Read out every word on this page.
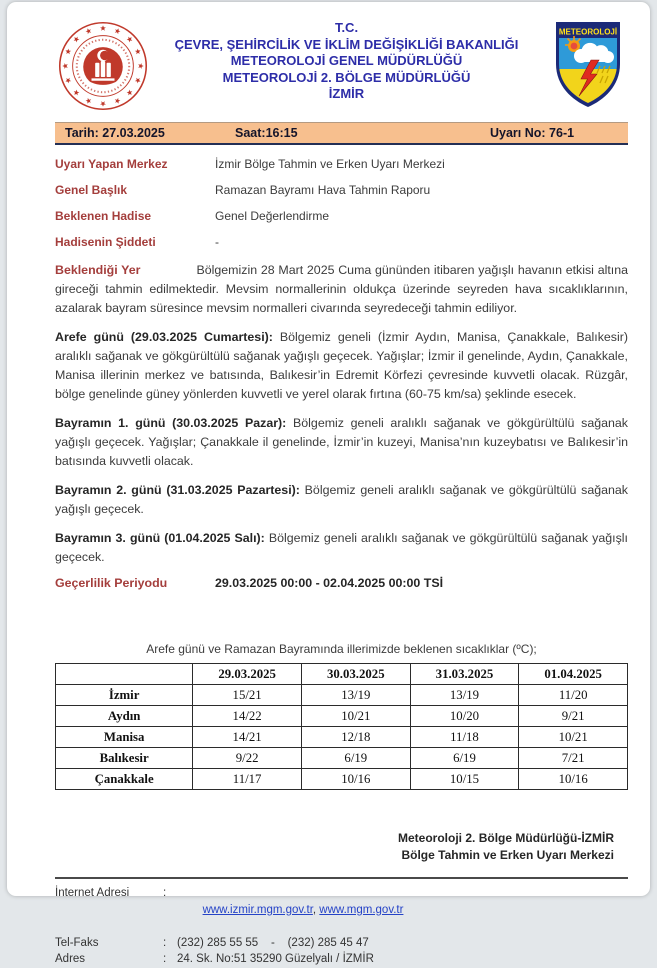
T.C.
ÇEVRE, ŞEHİRCİLİK VE İKLİM DEĞİŞİKLİĞİ BAKANLIĞI
METEOROLOJİ GENEL MÜDÜRLÜĞÜ
METEOROLOJİ 2. BÖLGE MÜDÜRLÜĞÜ
İZMİR
METEOROLOJİ
Tarih: 27.03.2025	Saat:16:15	Uyarı No: 76-1
Uyarı Yapan Merkez	İzmir Bölge Tahmin ve Erken Uyarı Merkezi
Genel Başlık	Ramazan Bayramı Hava Tahmin Raporu
Beklenen Hadise	Genel Değerlendirme
Hadisenin Şiddeti	-

Beklendiği Yer	Bölgemizin 28 Mart 2025 Cuma gününden itibaren yağışlı havanın etkisi altına gireceği tahmin edilmektedir. Mevsim normallerinin oldukça üzerinde seyreden hava sıcaklıklarının, azalarak bayram süresince mevsim normalleri civarında seyredeceği tahmin ediliyor.

Arefe günü (29.03.2025 Cumartesi): Bölgemiz geneli (İzmir Aydın, Manisa, Çanakkale, Balıkesir) aralıklı sağanak ve gökgürültülü sağanak yağışlı geçecek. Yağışlar; İzmir il genelinde, Aydın, Çanakkale, Manisa illerinin merkez ve batısında, Balıkesir’in Edremit Körfezi çevresinde kuvvetli olacak. Rüzgâr, bölge genelinde güney yönlerden kuvvetli ve yerel olarak fırtına (60-75 km/sa) şeklinde esecek.

Bayramın 1. günü (30.03.2025 Pazar): Bölgemiz geneli aralıklı sağanak ve gökgürültülü sağanak yağışlı geçecek. Yağışlar; Çanakkale il genelinde, İzmir’in kuzeyi, Manisa’nın kuzeybatısı ve Balıkesir’in batısında kuvvetli olacak.

Bayramın 2. günü (31.03.2025 Pazartesi): Bölgemiz geneli aralıklı sağanak ve gökgürültülü sağanak yağışlı geçecek.

Bayramın 3. günü (01.04.2025 Salı): Bölgemiz geneli aralıklı sağanak ve gökgürültülü sağanak yağışlı geçecek.

Geçerlilik Periyodu	29.03.2025 00:00 - 02.04.2025 00:00 TSİ
Arefe günü ve Ramazan Bayramında illerimizde beklenen sıcaklıklar (ºC);
	29.03.2025	30.03.2025	31.03.2025	01.04.2025
İzmir	15/21	13/19	13/19	11/20
Aydın	14/22	10/21	10/20	9/21
Manisa	14/21	12/18	11/18	10/21
Balıkesir	9/22	6/19	6/19	7/21
Çanakkale	11/17	10/16	10/15	10/16
Meteoroloji 2. Bölge Müdürlüğü-İZMİR
Bölge Tahmin ve Erken Uyarı Merkezi
İnternet Adresi	:

www.izmir.mgm.gov.tr, www.mgm.gov.tr

Tel-Faks	: (232) 285 55 55    -    (232) 285 45 47
Adres	: 24. Sk. No:51 35290 Güzelyalı / İZMİR
